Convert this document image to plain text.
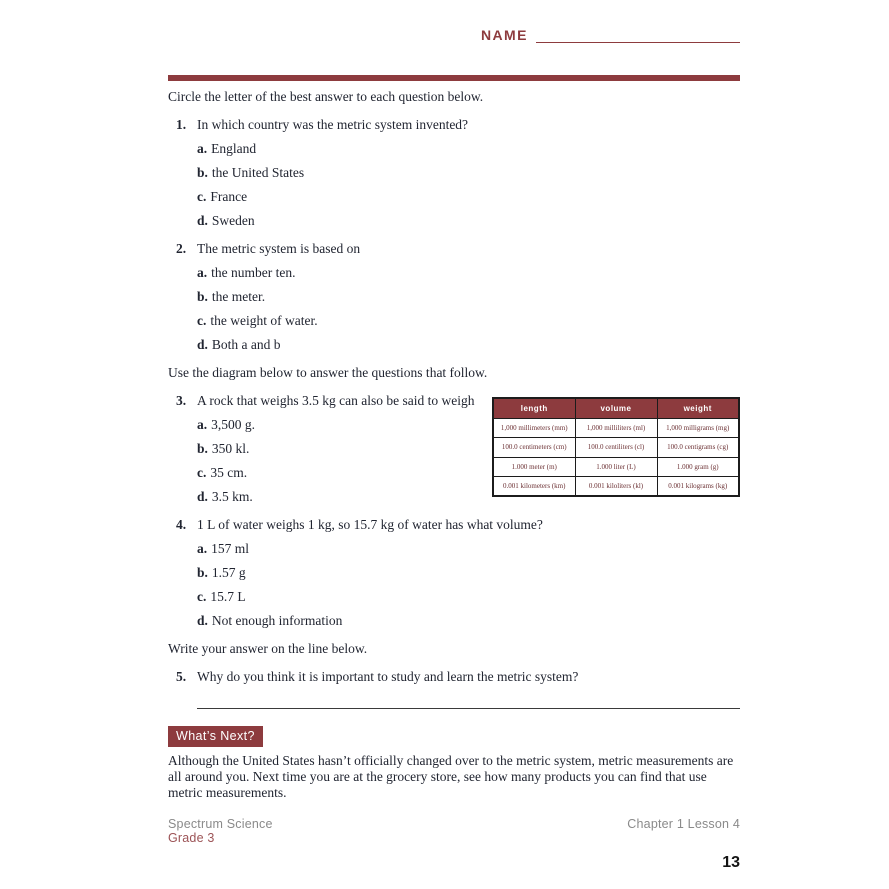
NAME

Circle the letter of the best answer to each question below.

1. In which country was the metric system invented?

a. England
b. the United States
c. France
d. Sweden
2. The metric system is based on

a. the number ten.
b. the meter.
c. the weight of water.
d. Both a and b

Use the diagram below to answer the questions that follow.

3. A rock that weighs 3.5 kg can also be said to weigh

a. 3,500 g.
b. 350 kl.
c. 35 cm.
d. 3.5 km.
length	volume	weight
1,000 millimeters (mm)	1,000 milliliters (ml)	1,000 milligrams (mg)
100.0 centimeters (cm)	100.0 centiliters (cl)	100.0 centigrams (cg)
1.000 meter (m)	1.000 liter (L)	1.000 gram (g)
0.001 kilometers (km)	0.001 kiloliters (kl)	0.001 kilograms (kg)
4. 1 L of water weighs 1 kg, so 15.7 kg of water has what volume?

a. 157 ml
b. 1.57 g
c. 15.7 L
d. Not enough information

Write your answer on the line below.

5. Why do you think it is important to study and learn the metric system?

What’s Next?

Although the United States hasn’t officially changed over to the metric system, metric measurements are all around you. Next time you are at the grocery store, see how many products you can find that use metric measurements.

Spectrum Science
Grade 3
Chapter 1 Lesson 4
13
